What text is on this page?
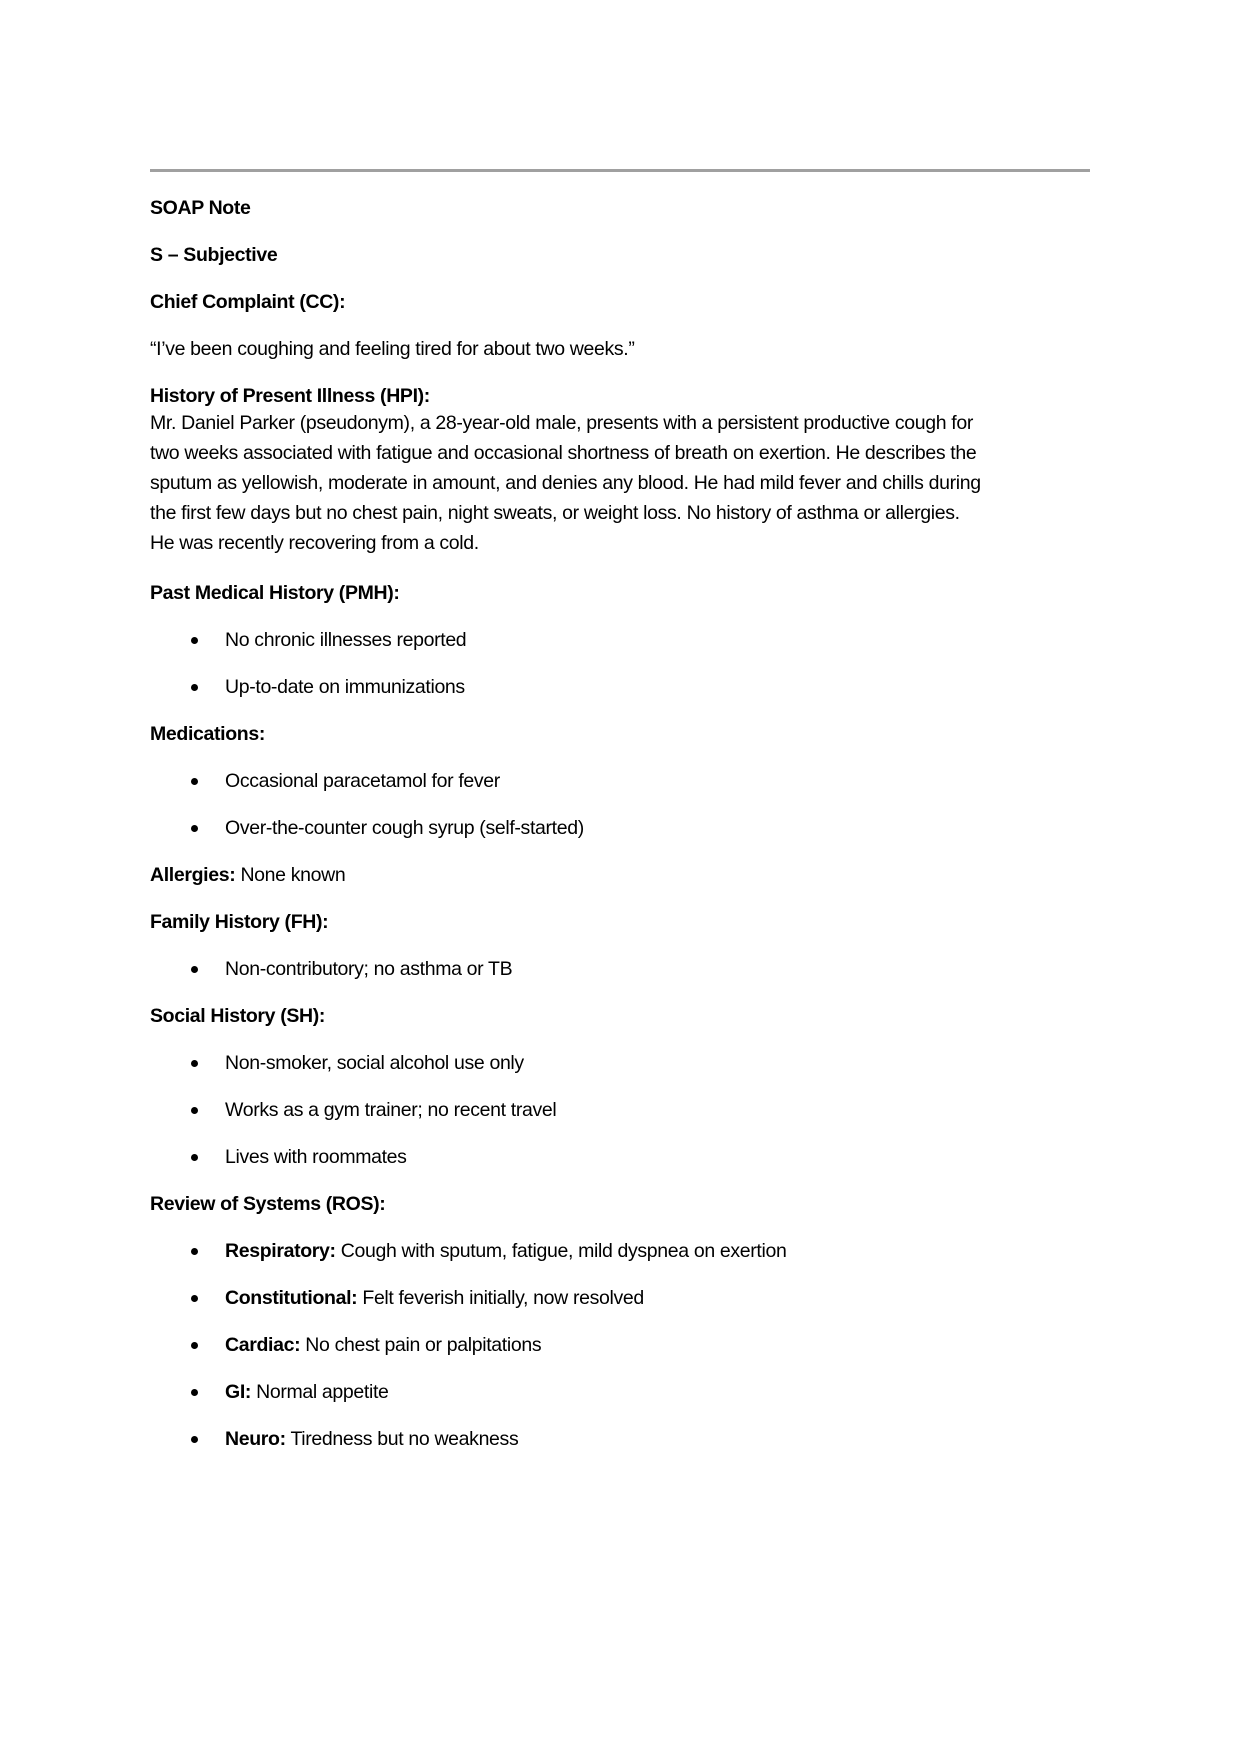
SOAP Note

S – Subjective

Chief Complaint (CC):

“I’ve been coughing and feeling tired for about two weeks.”

History of Present Illness (HPI):

Mr. Daniel Parker (pseudonym), a 28-year-old male, presents with a persistent productive cough for
two weeks associated with fatigue and occasional shortness of breath on exertion. He describes the
sputum as yellowish, moderate in amount, and denies any blood. He had mild fever and chills during
the first few days but no chest pain, night sweats, or weight loss. No history of asthma or allergies.
He was recently recovering from a cold.

Past Medical History (PMH):

No chronic illnesses reported
Up-to-date on immunizations

Medications:

Occasional paracetamol for fever
Over-the-counter cough syrup (self-started)

Allergies: None known

Family History (FH):

Non-contributory; no asthma or TB

Social History (SH):

Non-smoker, social alcohol use only
Works as a gym trainer; no recent travel
Lives with roommates

Review of Systems (ROS):

Respiratory: Cough with sputum, fatigue, mild dyspnea on exertion
Constitutional: Felt feverish initially, now resolved
Cardiac: No chest pain or palpitations
GI: Normal appetite
Neuro: Tiredness but no weakness
